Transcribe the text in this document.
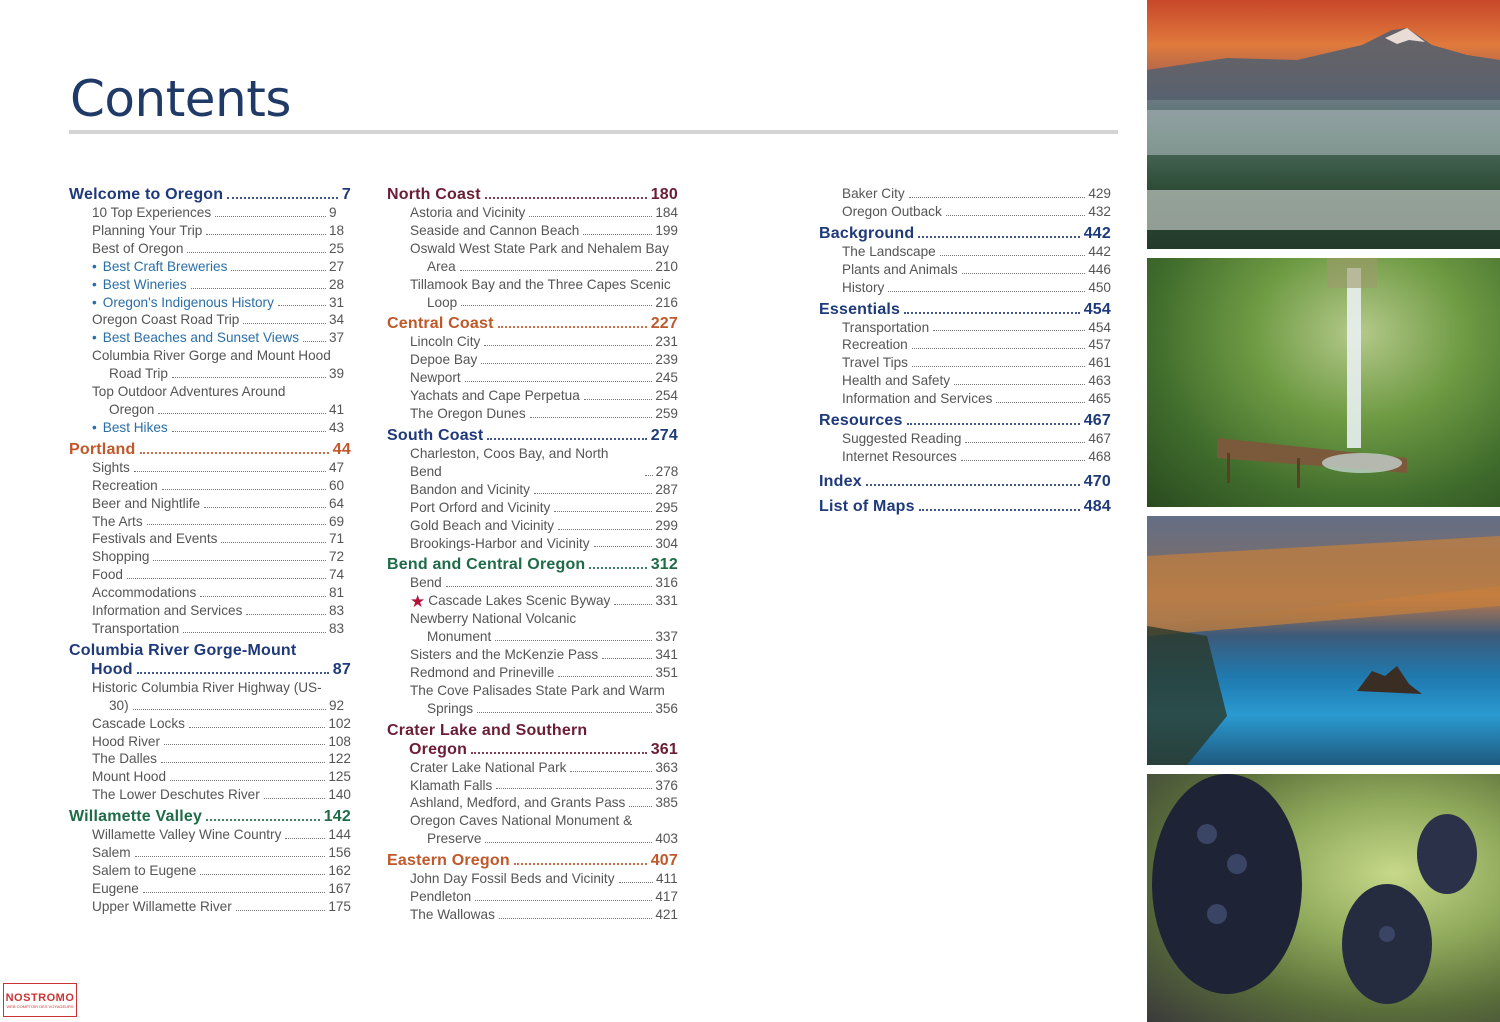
Contents
Welcome to Oregon	7
10 Top Experiences	9
Planning Your Trip	18
Best of Oregon	25
• Best Craft Breweries	27
• Best Wineries	28
• Oregon's Indigenous History	31
Oregon Coast Road Trip	34
• Best Beaches and Sunset Views 37
Columbia River Gorge and Mount Hood
Road Trip	39
Top Outdoor Adventures Around
Oregon	41
• Best Hikes	43
Portland	44
Sights	47
Recreation	60
Beer and Nightlife	64
The Arts	69
Festivals and Events	71
Shopping	72
Food	74
Accommodations	81
Information and Services	83
Transportation	83
Columbia River Gorge-Mount
Hood	87
Historic Columbia River Highway (US-
30)	92
Cascade Locks	102
Hood River	108
The Dalles	122
Mount Hood	125
The Lower Deschutes River	140
Willamette Valley	142
Willamette Valley Wine Country	144
Salem	156
Salem to Eugene	162
Eugene	167
Upper Willamette River	175
North Coast	180
Astoria and Vicinity	184
Seaside and Cannon Beach	199
Oswald West State Park and Nehalem Bay
Area	210
Tillamook Bay and the Three Capes Scenic
Loop	216
Central Coast	227
Lincoln City	231
Depoe Bay	239
Newport	245
Yachats and Cape Perpetua	254
The Oregon Dunes	259
South Coast	274
Charleston, Coos Bay, and North Bend	278
Bandon and Vicinity	287
Port Orford and Vicinity	295
Gold Beach and Vicinity	299
Brookings-Harbor and Vicinity	304
Bend and Central Oregon	312
Bend	316
★ Cascade Lakes Scenic Byway	331
Newberry National Volcanic
Monument	337
Sisters and the McKenzie Pass	341
Redmond and Prineville	351
The Cove Palisades State Park and Warm
Springs	356
Crater Lake and Southern
Oregon	361
Crater Lake National Park	363
Klamath Falls	376
Ashland, Medford, and Grants Pass 385
Oregon Caves National Monument &
Preserve	403
Eastern Oregon	407
John Day Fossil Beds and Vicinity	411
Pendleton	417
The Wallowas	421
Baker City	429
Oregon Outback	432
Background	442
The Landscape	442
Plants and Animals	446
History	450
Essentials	454
Transportation	454
Recreation	457
Travel Tips	461
Health and Safety	463
Information and Services	465
Resources	467
Suggested Reading	467
Internet Resources	468
Index	470
List of Maps	484
NOSTROMO
WEB COMPTOIR DES VOYAGEURS
